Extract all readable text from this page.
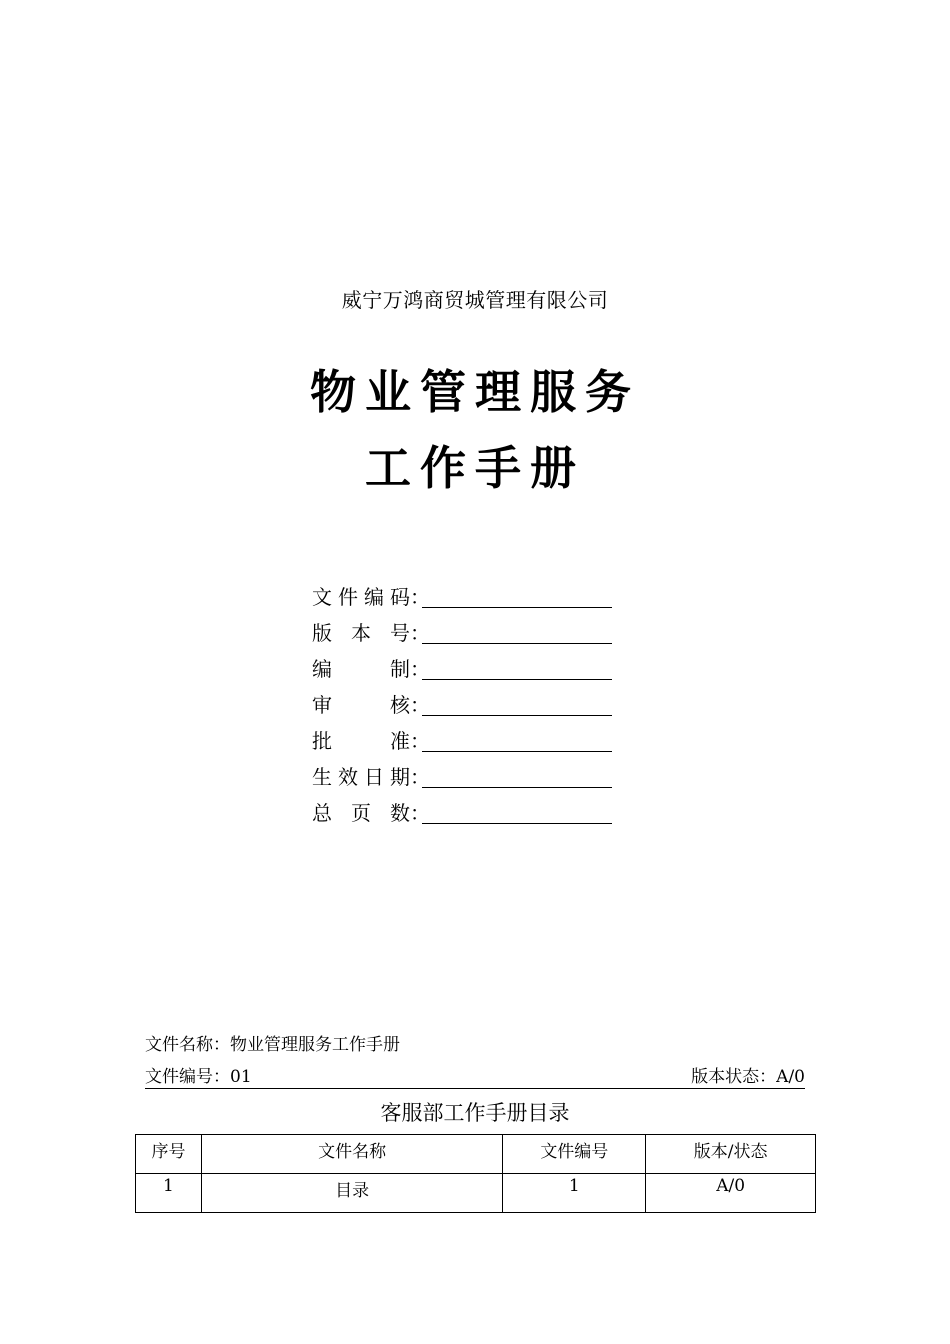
威宁万鸿商贸城管理有限公司
物业管理服务
工作手册
文 件 编 码 ：
版 本 号 ：
编	制 ：
审	核 ：
批	准 ：
生 效 日 期 ：
总 页 数 ：
文件名称：物业管理服务工作手册
文件编号：01	版本状态：A/0
客服部工作手册目录
序号	文件名称	文件编号	版本/状态
1	目录	1	A/0
